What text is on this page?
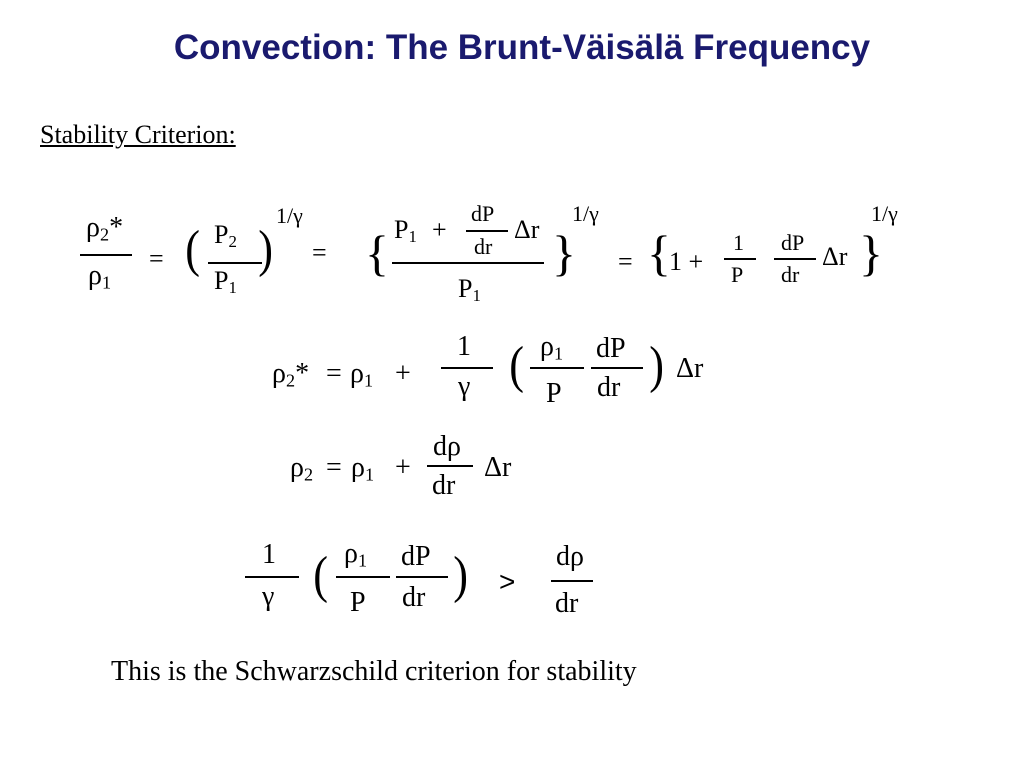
Convection: The Brunt-Väisälä Frequency
Stability Criterion:
$\rho_2*$
$\rho_1$
= ( $P_2$
$P_1$
)
1/γ
= { $P_1$ +
dP
dr
Δr
$P_1$
}
1/γ
= {
1 +
1
P
dP
dr
Δr }
1/γ
$\rho_2* = \rho_1$ +
1
γ ( $\rho_1$
P
dP
dr ) Δr
$\rho_2 = \rho_1$ +
dρ
dr
Δr
1
γ ( $\rho_1$
P
dP
dr ) >
dρ
dr
This is the Schwarzschild criterion for stability
